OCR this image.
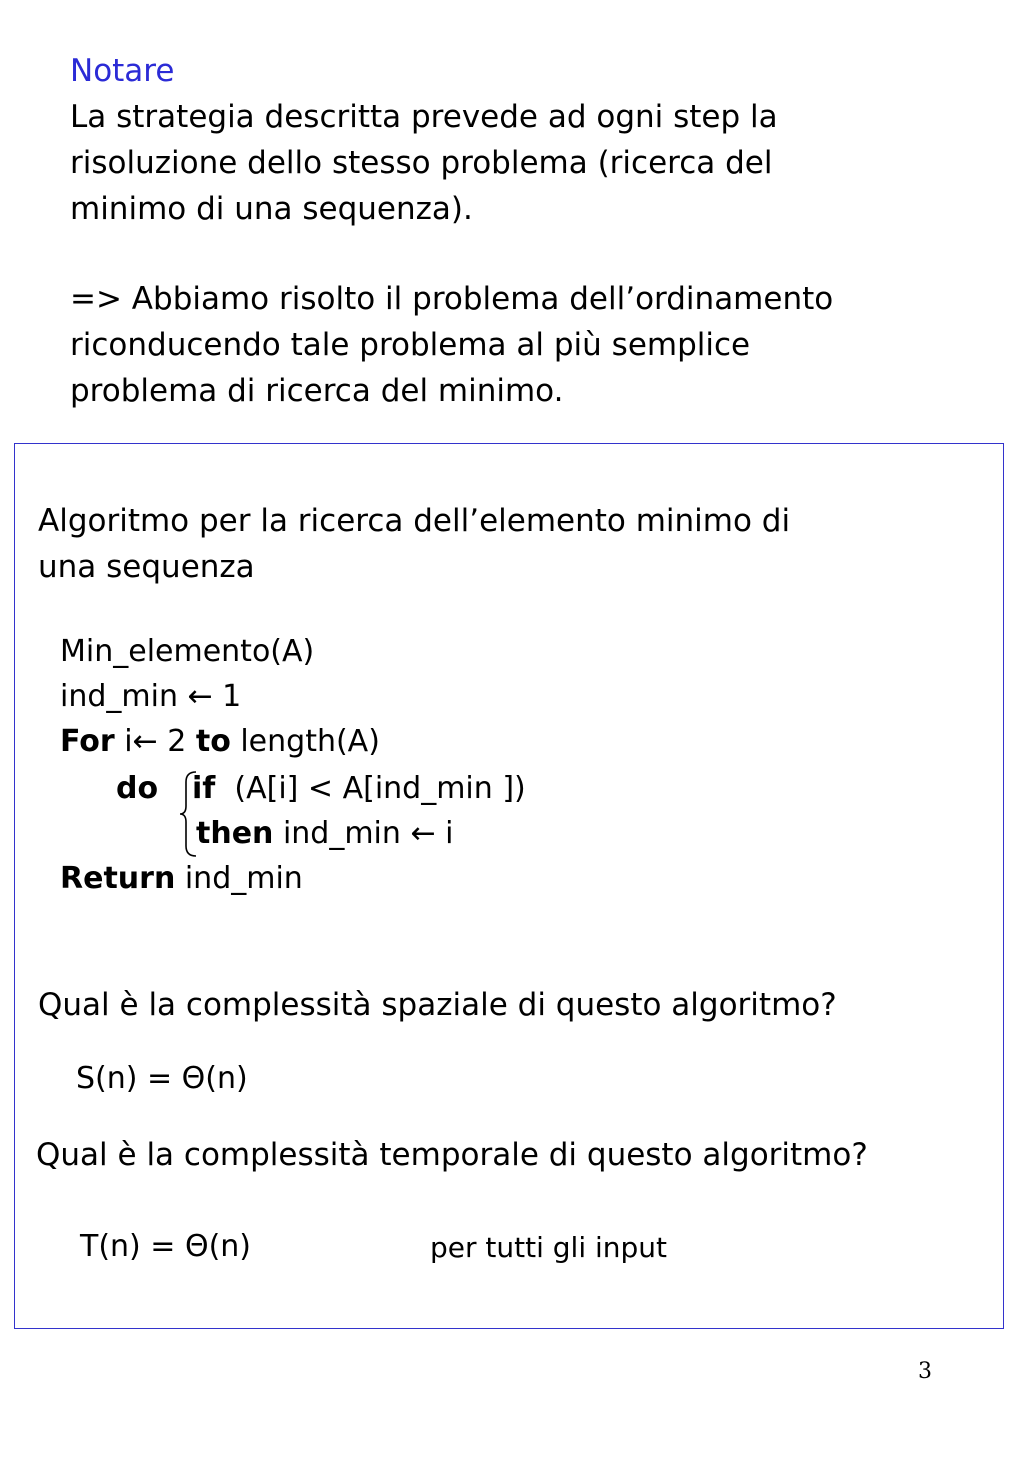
Notare
La strategia descritta prevede ad ogni step la
risoluzione dello stesso problema (ricerca del
minimo di una sequenza).
=> Abbiamo risolto il problema dell’ordinamento
riconducendo tale problema al più semplice
problema di ricerca del minimo.
Algoritmo per la ricerca dell’elemento minimo di
una sequenza
Min_elemento(A)
ind_min ← 1
For i← 2 to length(A)
do if  (A[i] < A[ind_min ])
then ind_min ← i
Return ind_min
Qual è la complessità spaziale di questo algoritmo?
S(n) = Θ(n)
Qual è la complessità temporale di questo algoritmo?
T(n) = Θ(n)	per tutti gli input
3
